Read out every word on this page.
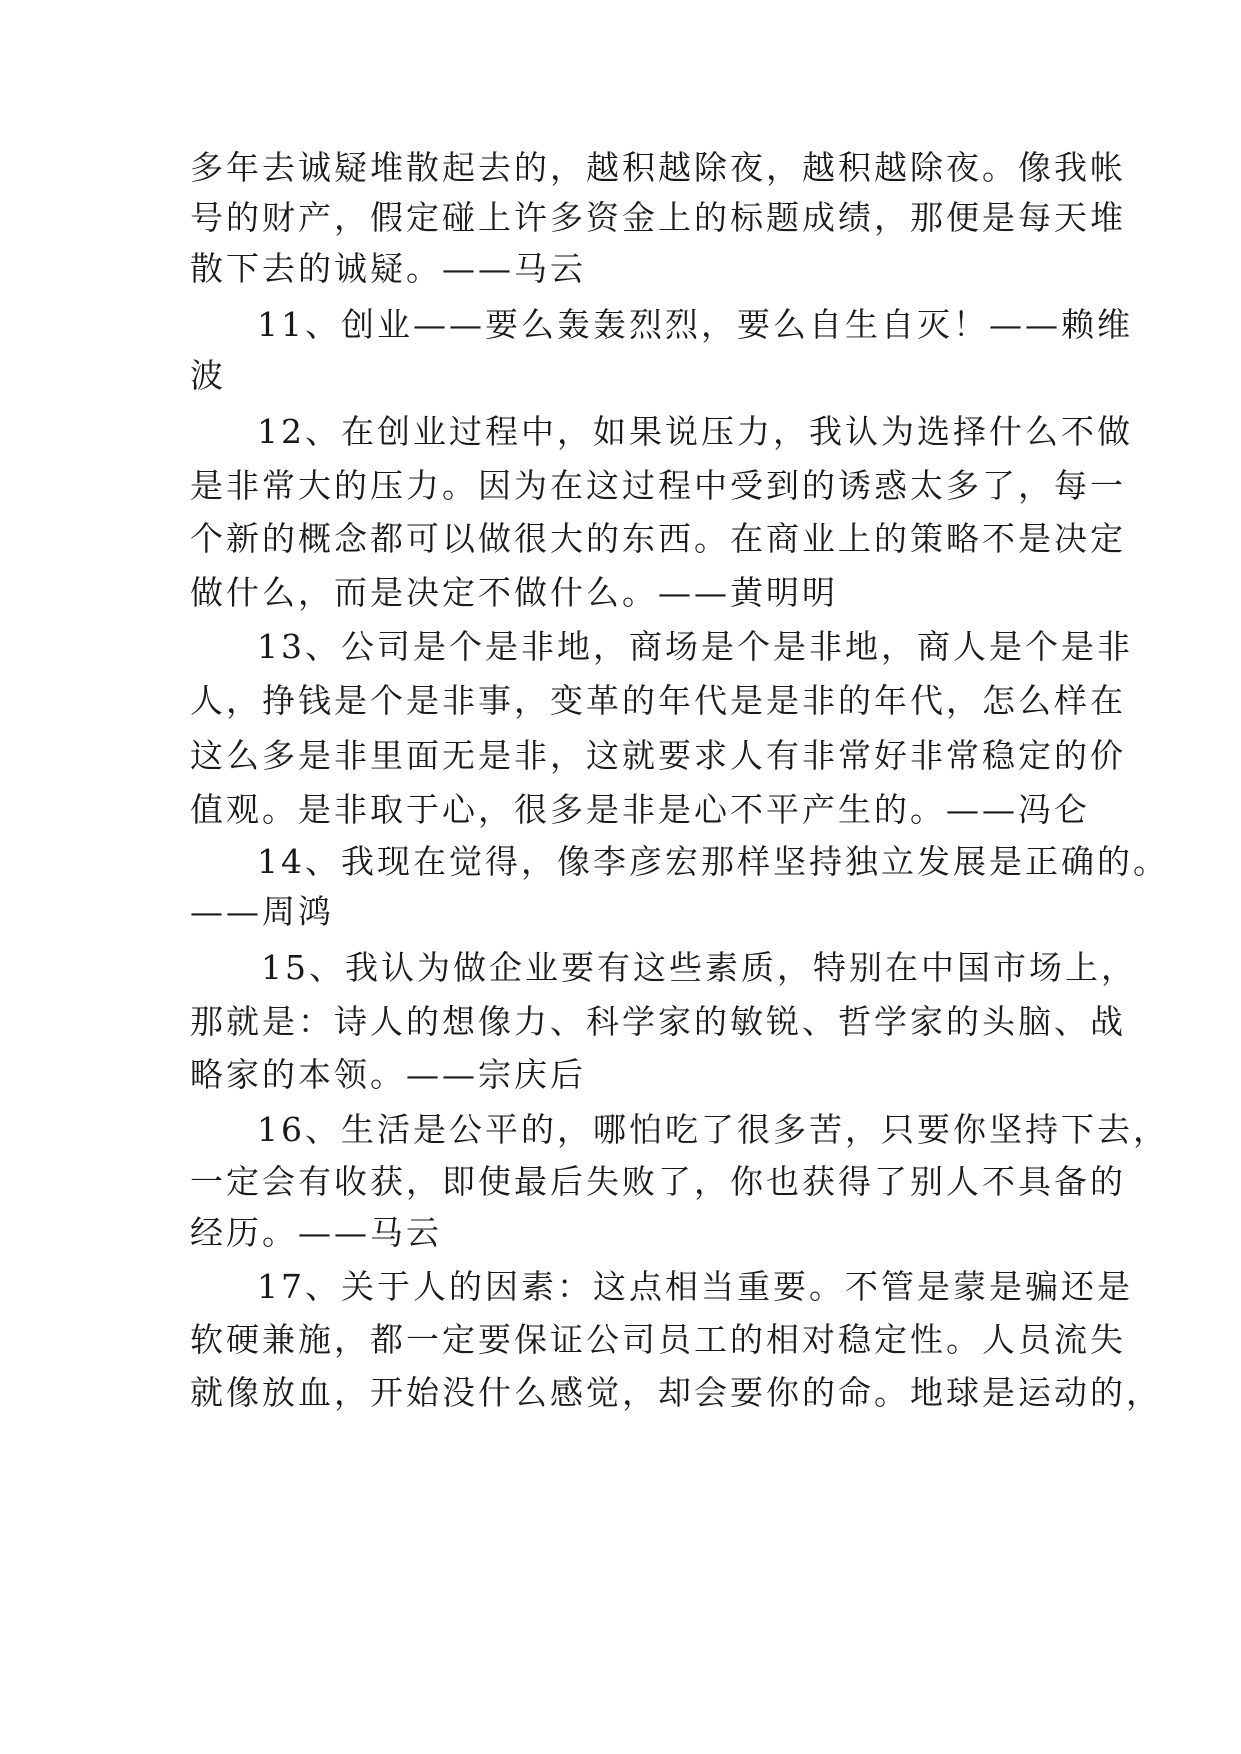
多年去诚疑堆散起去的，越积越除夜，越积越除夜。像我帐
号的财产，假定碰上许多资金上的标题成绩，那便是每天堆
散下去的诚疑。——马云
11、创业——要么轰轰烈烈，要么自生自灭！——赖维
波
12、在创业过程中，如果说压力，我认为选择什么不做
是非常大的压力。因为在这过程中受到的诱惑太多了，每一
个新的概念都可以做很大的东西。在商业上的策略不是决定
做什么，而是决定不做什么。——黄明明
13、公司是个是非地，商场是个是非地，商人是个是非
人，挣钱是个是非事，变革的年代是是非的年代，怎么样在
这么多是非里面无是非，这就要求人有非常好非常稳定的价
值观。是非取于心，很多是非是心不平产生的。——冯仑
14、我现在觉得，像李彦宏那样坚持独立发展是正确的。
——周鸿
15、我认为做企业要有这些素质，特别在中国市场上，
那就是：诗人的想像力、科学家的敏锐、哲学家的头脑、战
略家的本领。——宗庆后
16、生活是公平的，哪怕吃了很多苦，只要你坚持下去，
一定会有收获，即使最后失败了，你也获得了别人不具备的
经历。——马云
17、关于人的因素：这点相当重要。不管是蒙是骗还是
软硬兼施，都一定要保证公司员工的相对稳定性。人员流失
就像放血，开始没什么感觉，却会要你的命。地球是运动的，
